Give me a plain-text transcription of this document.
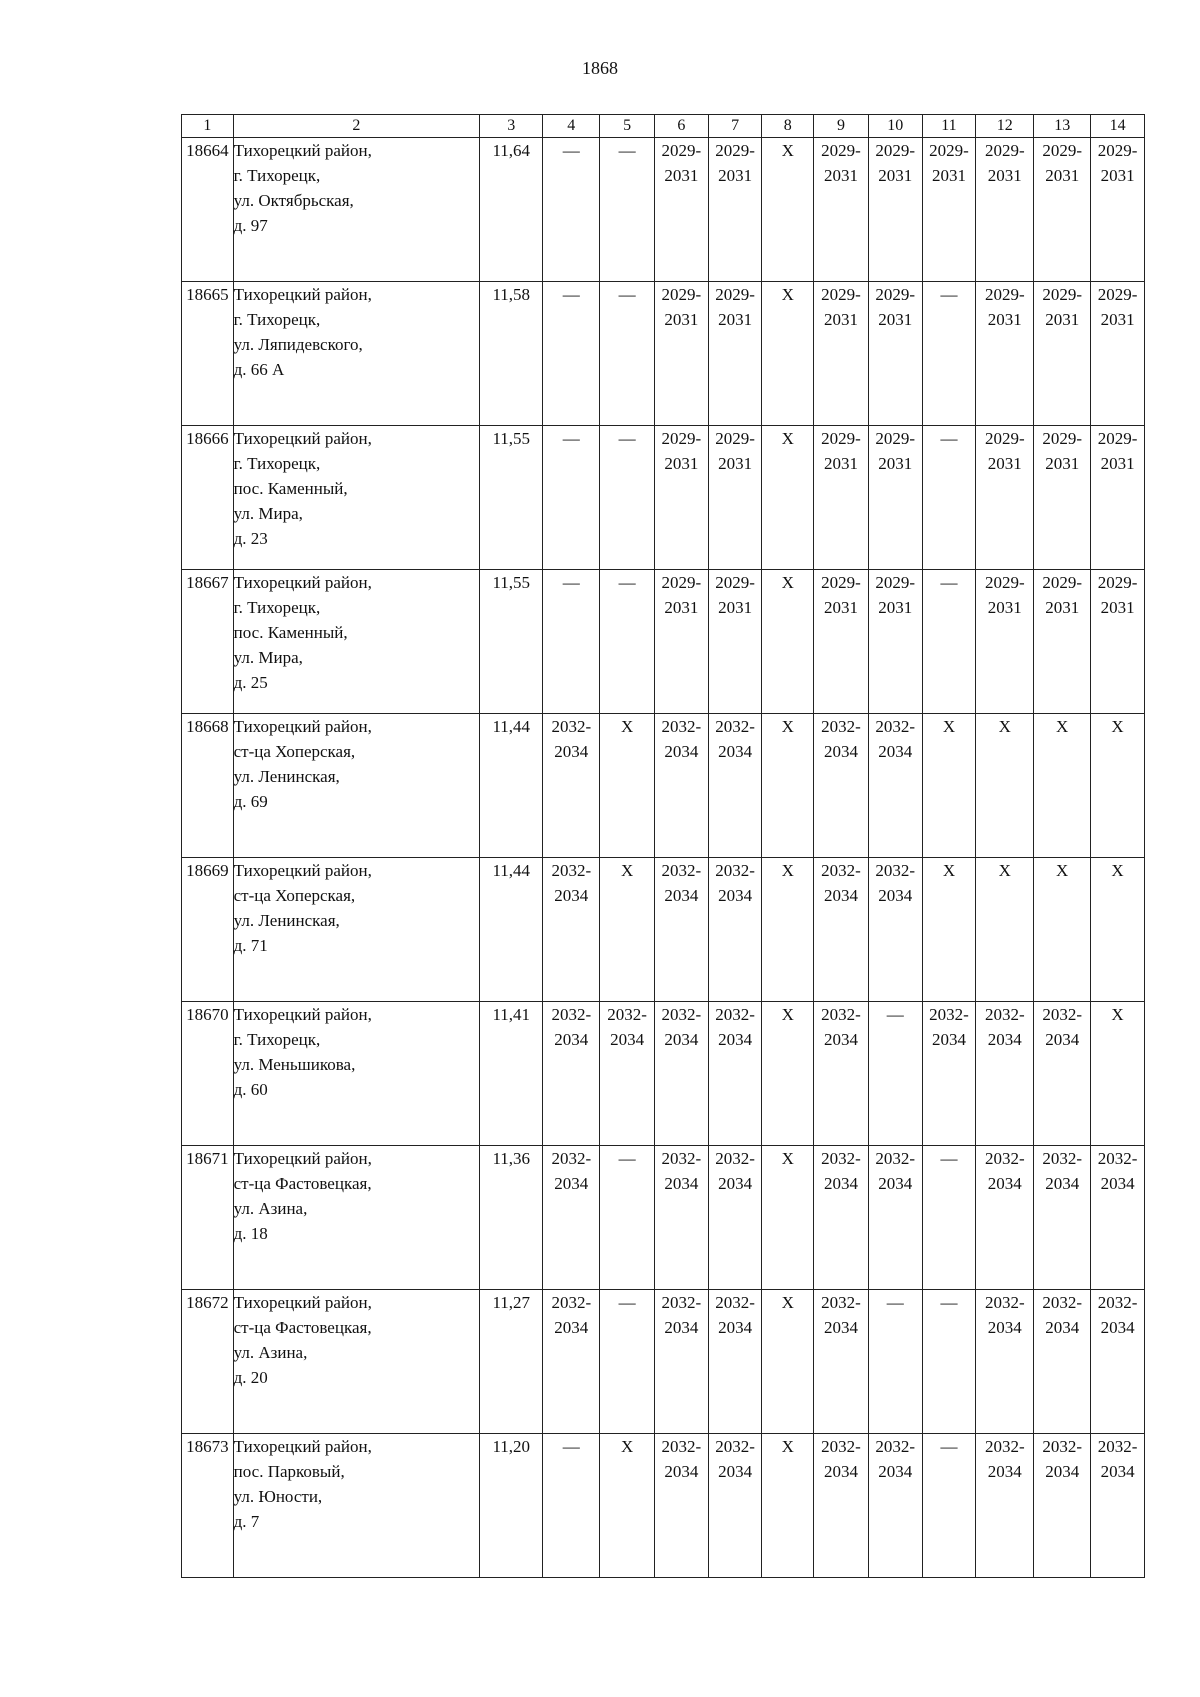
1868
1	2	3	4	5	6	7	8	9	10	11	12	13	14
18664	Тихорецкий район,
г. Тихорецк,
ул. Октябрьская,
д. 97	11,64	—	—	2029-
2031	2029-
2031	Х	2029-
2031	2029-
2031	2029-
2031	2029-
2031	2029-
2031	2029-
2031

18665	Тихорецкий район,
г. Тихорецк,
ул. Ляпидевского,
д. 66 А	11,58	—	—	2029-
2031	2029-
2031	Х	2029-
2031	2029-
2031	—	2029-
2031	2029-
2031	2029-
2031

18666	Тихорецкий район,
г. Тихорецк,
пос. Каменный,
ул. Мира,
д. 23	11,55	—	—	2029-
2031	2029-
2031	Х	2029-
2031	2029-
2031	—	2029-
2031	2029-
2031	2029-
2031

18667	Тихорецкий район,
г. Тихорецк,
пос. Каменный,
ул. Мира,
д. 25	11,55	—	—	2029-
2031	2029-
2031	Х	2029-
2031	2029-
2031	—	2029-
2031	2029-
2031	2029-
2031

18668	Тихорецкий район,
ст-ца Хоперская,
ул. Ленинская,
д. 69	11,44	2032-
2034	Х	2032-
2034	2032-
2034	Х	2032-
2034	2032-
2034	Х	Х	Х	Х

18669	Тихорецкий район,
ст-ца Хоперская,
ул. Ленинская,
д. 71	11,44	2032-
2034	Х	2032-
2034	2032-
2034	Х	2032-
2034	2032-
2034	Х	Х	Х	Х

18670	Тихорецкий район,
г. Тихорецк,
ул. Меньшикова,
д. 60	11,41	2032-
2034	2032-
2034	2032-
2034	2032-
2034	Х	2032-
2034	—	2032-
2034	2032-
2034	2032-
2034	Х

18671	Тихорецкий район,
ст-ца Фастовецкая,
ул. Азина,
д. 18	11,36	2032-
2034	—	2032-
2034	2032-
2034	Х	2032-
2034	2032-
2034	—	2032-
2034	2032-
2034	2032-
2034

18672	Тихорецкий район,
ст-ца Фастовецкая,
ул. Азина,
д. 20	11,27	2032-
2034	—	2032-
2034	2032-
2034	Х	2032-
2034	—	—	2032-
2034	2032-
2034	2032-
2034

18673	Тихорецкий район,
пос. Парковый,
ул. Юности,
д. 7	11,20	—	Х	2032-
2034	2032-
2034	Х	2032-
2034	2032-
2034	—	2032-
2034	2032-
2034	2032-
2034
